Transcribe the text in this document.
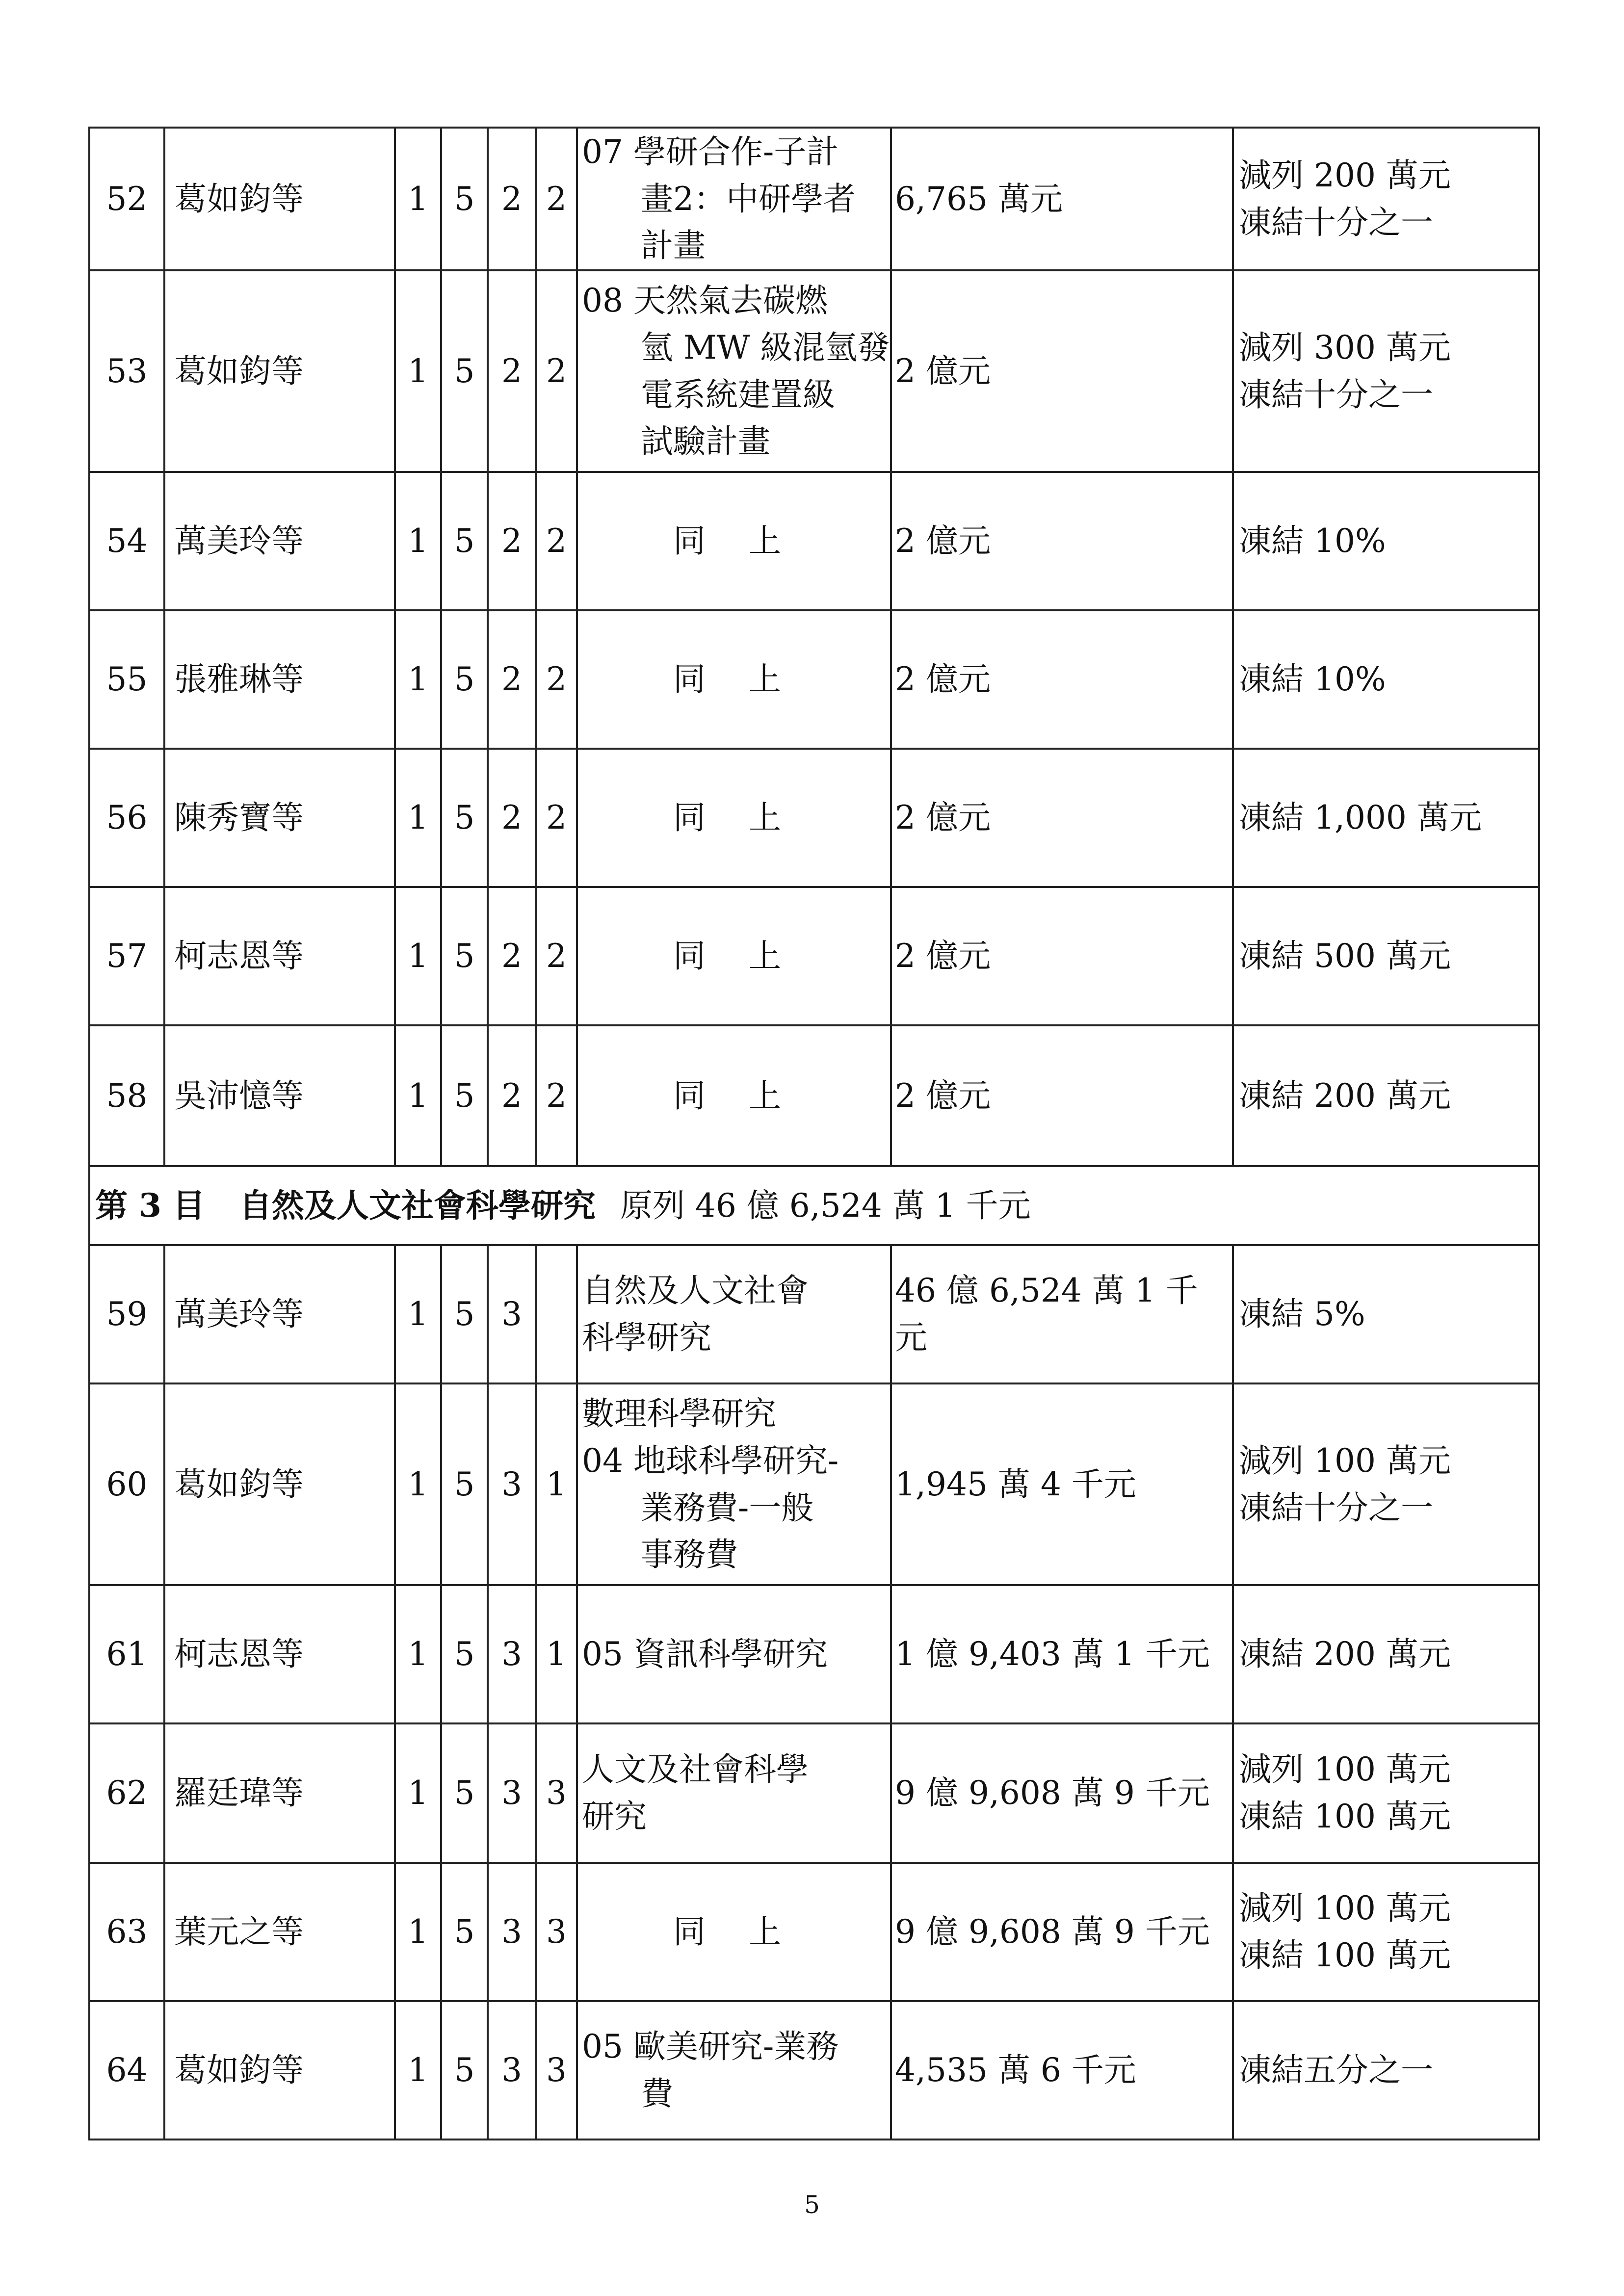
52	葛如鈞等	1	5	2	2	07 學研合作-子計
畫2：中研學者
計畫	6,765 萬元	減列 200 萬元
凍結十分之一

53	葛如鈞等	1	5	2	2	08 天然氣去碳燃
氫 MW 級混氫發
電系統建置級
試驗計畫	2 億元	減列 300 萬元
凍結十分之一

54	萬美玲等	1	5	2	2	同上	2 億元	凍結 10%

55	張雅琳等	1	5	2	2	同上	2 億元	凍結 10%

56	陳秀寶等	1	5	2	2	同上	2 億元	凍結 1,000 萬元

57	柯志恩等	1	5	2	2	同上	2 億元	凍結 500 萬元

58	吳沛憶等	1	5	2	2	同上	2 億元	凍結 200 萬元

第 3 目 自然及人文社會科學研究 原列 46 億 6,524 萬 1 千元								
59	萬美玲等	1	5	3		自然及人文社會
科學研究	46 億 6,524 萬 1 千
元	凍結 5%

60	葛如鈞等	1	5	3	1	數理科學研究
04 地球科學研究-
業務費-一般
事務費	1,945 萬 4 千元	減列 100 萬元
凍結十分之一

61	柯志恩等	1	5	3	1	05 資訊科學研究	1 億 9,403 萬 1 千元	凍結 200 萬元

62	羅廷瑋等	1	5	3	3	人文及社會科學
研究	9 億 9,608 萬 9 千元	減列 100 萬元
凍結 100 萬元

63	葉元之等	1	5	3	3	同上	9 億 9,608 萬 9 千元	減列 100 萬元
凍結 100 萬元

64	葛如鈞等	1	5	3	3	05 歐美研究-業務
費	4,535 萬 6 千元	凍結五分之一
5
